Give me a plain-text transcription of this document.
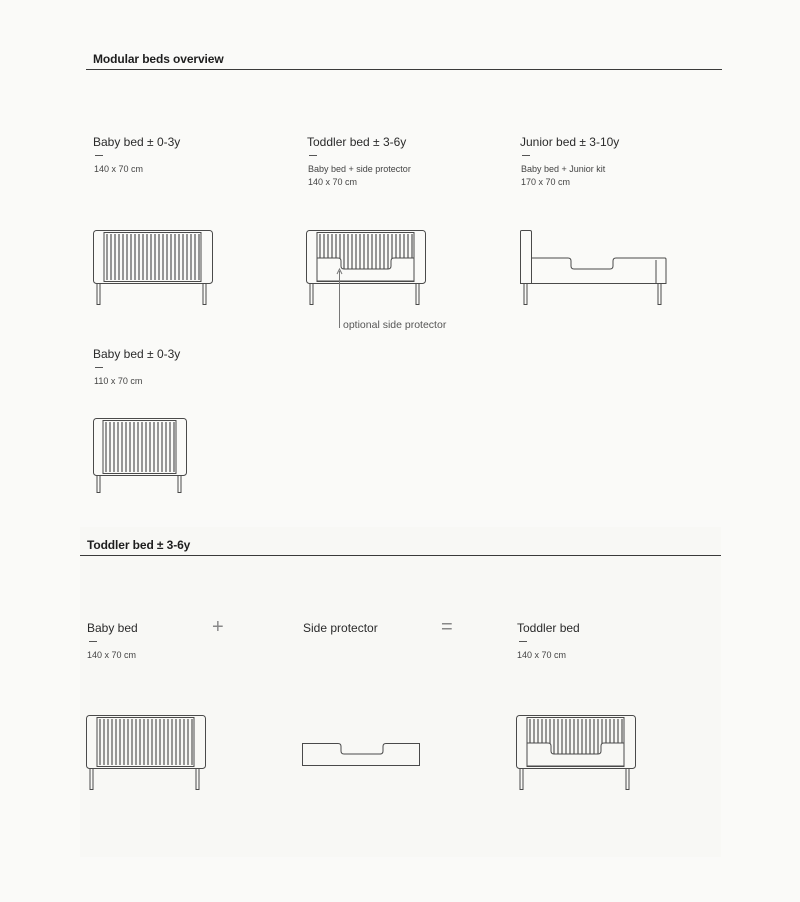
Modular beds overview
Baby bed ± 0-3y
140 x 70 cm
Toddler bed ± 3-6y
Baby bed + side protector
140 x 70 cm
optional side protector
Junior bed ± 3-10y
Baby bed + Junior kit
170 x 70 cm
Baby bed ± 0-3y
110 x 70 cm
Toddler bed ± 3-6y
Baby bed
140 x 70 cm
+	Side protector	=	Toddler bed
140 x 70 cm
